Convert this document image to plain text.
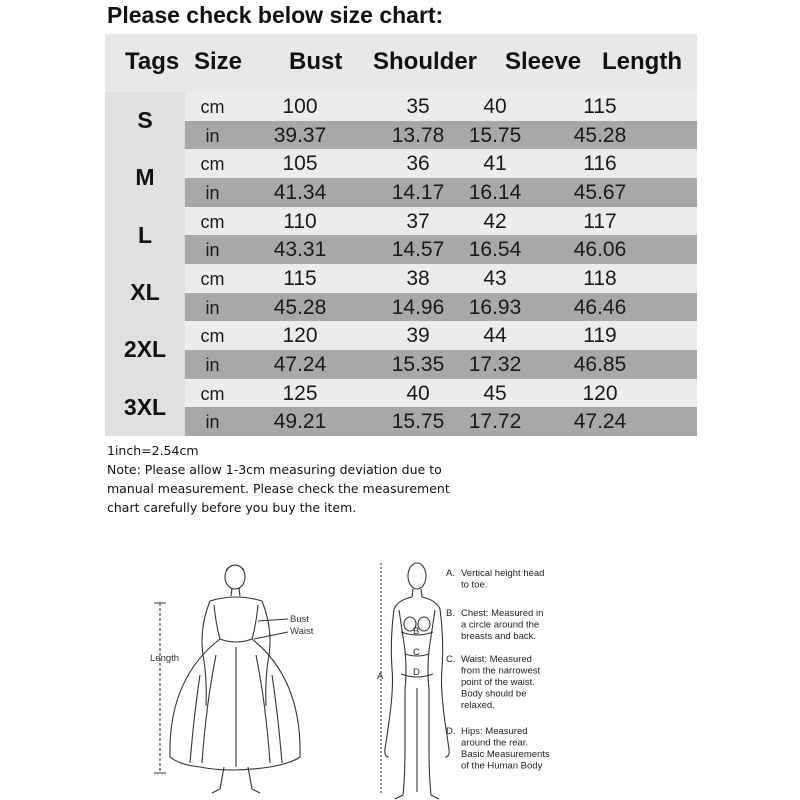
Please check below size chart:
Tags Size Bust Shoulder Sleeve Length
S	cm	100	35	40	115
in	39.37	13.78	15.75	45.28
M	cm	105	36	41	116
in	41.34	14.17	16.14	45.67
L	cm	110	37	42	117
in	43.31	14.57	16.54	46.06
XL	cm	115	38	43	118
in	45.28	14.96	16.93	46.46
2XL	cm	120	39	44	119
in	47.24	15.35	17.32	46.85
3XL	cm	125	40	45	120
in	49.21	15.75	17.72	47.24
1inch=2.54cm
Note: Please allow 1-3cm measuring deviation due to
manual measurement. Please check the measurement
chart carefully before you buy the item.
Bust
Waist
Length
A
B
C
D
A. Vertical height head
to toe.
B. Chest: Measured in
a circle around the
breasts and back.
C. Waist: Measured
from the narrowest
point of the waist.
Body should be
relaxed.
D. Hips: Measured
around the rear.
Basic Measurements
of the Human Body
